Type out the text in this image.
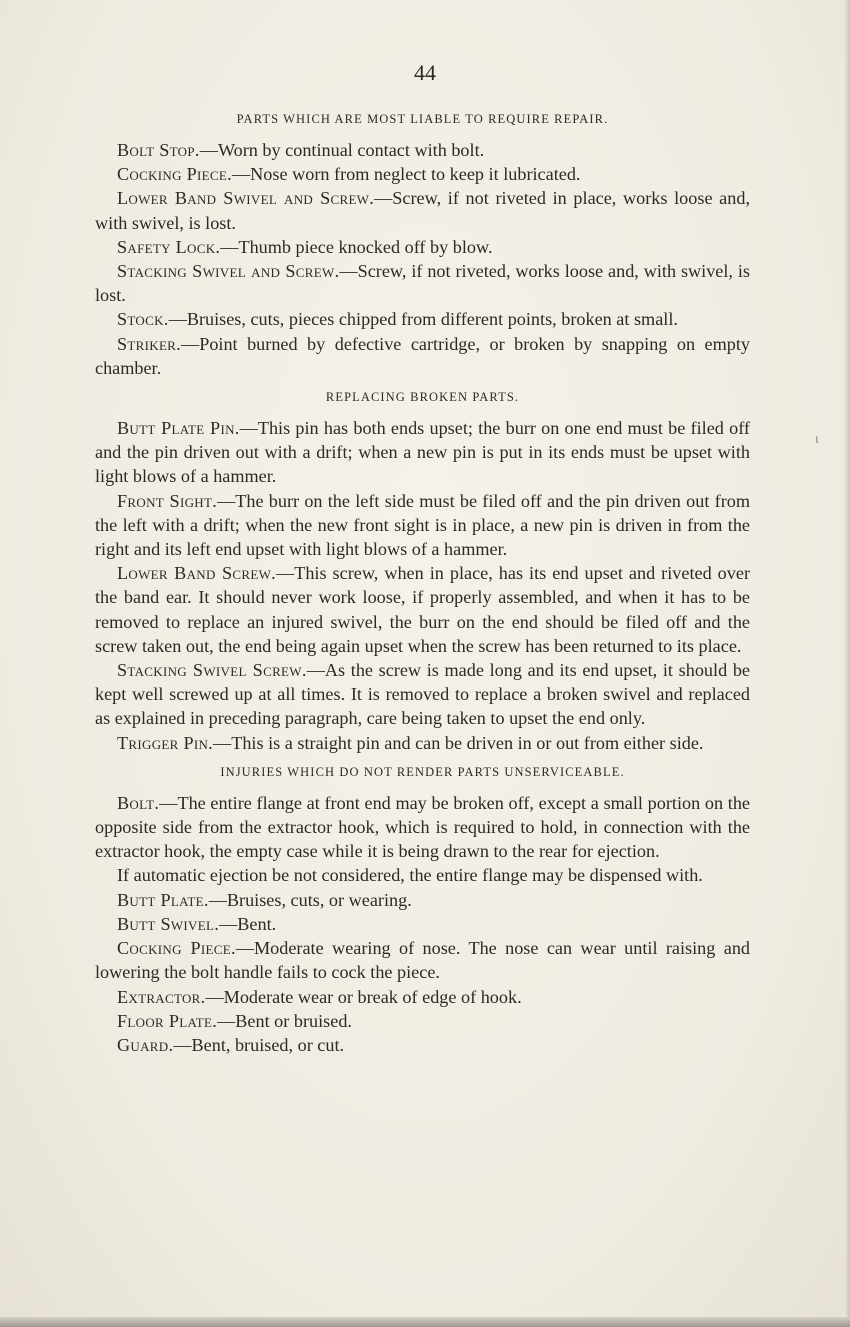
ι
44
PARTS WHICH ARE MOST LIABLE TO REQUIRE REPAIR.

Bolt Stop.—Worn by continual contact with bolt.

Cocking Piece.—Nose worn from neglect to keep it lubricated.

Lower Band Swivel and Screw.—Screw, if not riveted in place, works loose and, with swivel, is lost.

Safety Lock.—Thumb piece knocked off by blow.

Stacking Swivel and Screw.—Screw, if not riveted, works loose and, with swivel, is lost.

Stock.—Bruises, cuts, pieces chipped from different points, broken at small.

Striker.—Point burned by defective cartridge, or broken by snapping on empty chamber.

REPLACING BROKEN PARTS.

Butt Plate Pin.—This pin has both ends upset; the burr on one end must be filed off and the pin driven out with a drift; when a new pin is put in its ends must be upset with light blows of a hammer.

Front Sight.—The burr on the left side must be filed off and the pin driven out from the left with a drift; when the new front sight is in place, a new pin is driven in from the right and its left end upset with light blows of a hammer.

Lower Band Screw.—This screw, when in place, has its end upset and riveted over the band ear. It should never work loose, if properly assembled, and when it has to be removed to replace an injured swivel, the burr on the end should be filed off and the screw taken out, the end being again upset when the screw has been returned to its place.

Stacking Swivel Screw.—As the screw is made long and its end upset, it should be kept well screwed up at all times. It is removed to replace a broken swivel and replaced as explained in preceding paragraph, care being taken to upset the end only.

Trigger Pin.—This is a straight pin and can be driven in or out from either side.

INJURIES WHICH DO NOT RENDER PARTS UNSERVICEABLE.

Bolt.—The entire flange at front end may be broken off, except a small portion on the opposite side from the extractor hook, which is required to hold, in connection with the extractor hook, the empty case while it is being drawn to the rear for ejection.

If automatic ejection be not considered, the entire flange may be dispensed with.

Butt Plate.—Bruises, cuts, or wearing.

Butt Swivel.—Bent.

Cocking Piece.—Moderate wearing of nose. The nose can wear until raising and lowering the bolt handle fails to cock the piece.

Extractor.—Moderate wear or break of edge of hook.

Floor Plate.—Bent or bruised.

Guard.—Bent, bruised, or cut.
